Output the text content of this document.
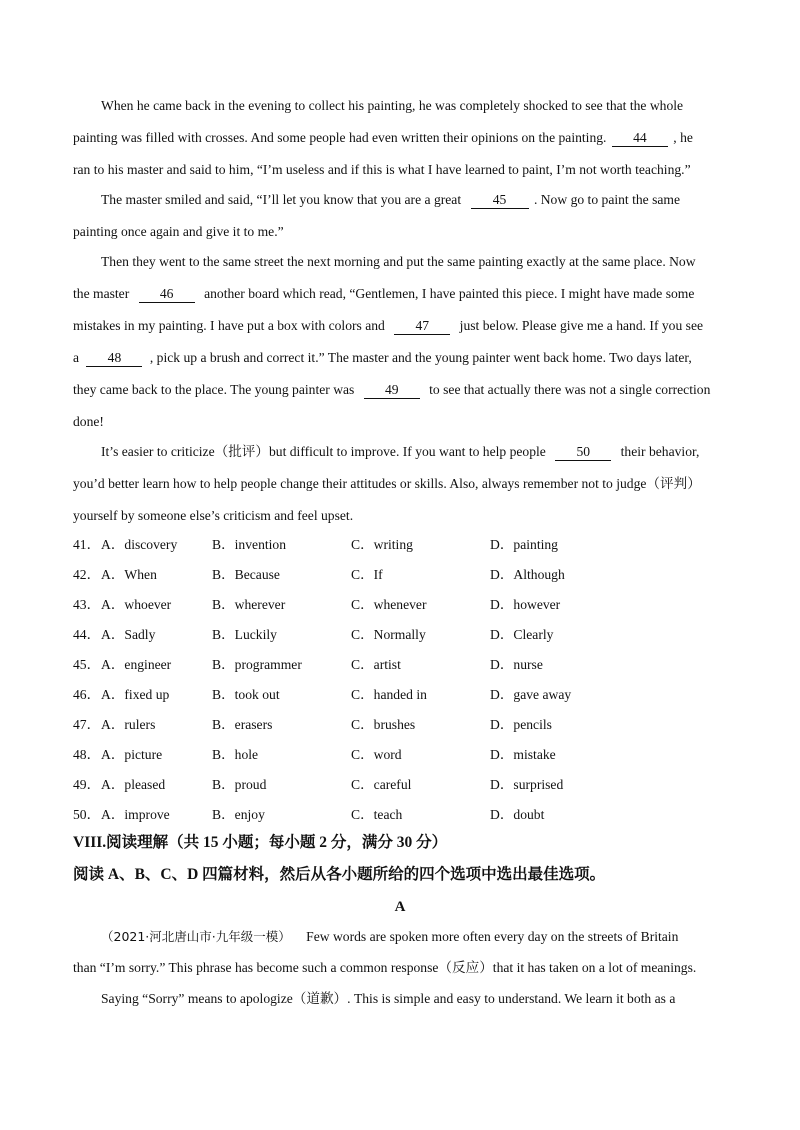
When he came back in the evening to collect his painting, he was completely shocked to see that the whole
painting was filled with crosses. And some people had even written their opinions on the painting. 44 , he
ran to his master and said to him, “I’m useless and if this is what I have learned to paint, I’m not worth teaching.”
The master smiled and said, “I’ll let you know that you are a great 45 . Now go to paint the same
painting once again and give it to me.”
Then they went to the same street the next morning and put the same painting exactly at the same place. Now
the master 46 another board which read, “Gentlemen, I have painted this piece. I might have made some
mistakes in my painting. I have put a box with colors and 47 just below. Please give me a hand. If you see
a 48 , pick up a brush and correct it.” The master and the young painter went back home. Two days later,
they came back to the place. The young painter was 49 to see that actually there was not a single correction
done!
It’s easier to criticize（批评）but difficult to improve. If you want to help people 50 their behavior,
you’d better learn how to help people change their attitudes or skills. Also, always remember not to judge（评判）
yourself by someone else’s criticism and feel upset.
41． A．discovery	B．invention	C．writing	D．painting
42． A．When	B．Because	C．If	D．Although
43． A．whoever	B．wherever	C．whenever	D．however
44． A．Sadly	B．Luckily	C．Normally	D．Clearly
45． A．engineer	B．programmer	C．artist	D．nurse
46． A．fixed up	B．took out	C．handed in	D．gave away
47． A．rulers	B．erasers	C．brushes	D．pencils
48． A．picture	B．hole	C．word	D．mistake
49． A．pleased	B．proud	C．careful	D．surprised
50． A．improve	B．enjoy	C．teach	D．doubt
VIII.阅读理解（共 15 小题；每小题 2 分，满分 30 分）
阅读 A、B、C、D 四篇材料，然后从各小题所给的四个选项中选出最佳选项。
A
（2021·河北唐山市·九年级一模） Few words are spoken more often every day on the streets of Britain
than “I’m sorry.” This phrase has become such a common response（反应）that it has taken on a lot of meanings.
Saying “Sorry” means to apologize（道歉）. This is simple and easy to understand. We learn it both as a
